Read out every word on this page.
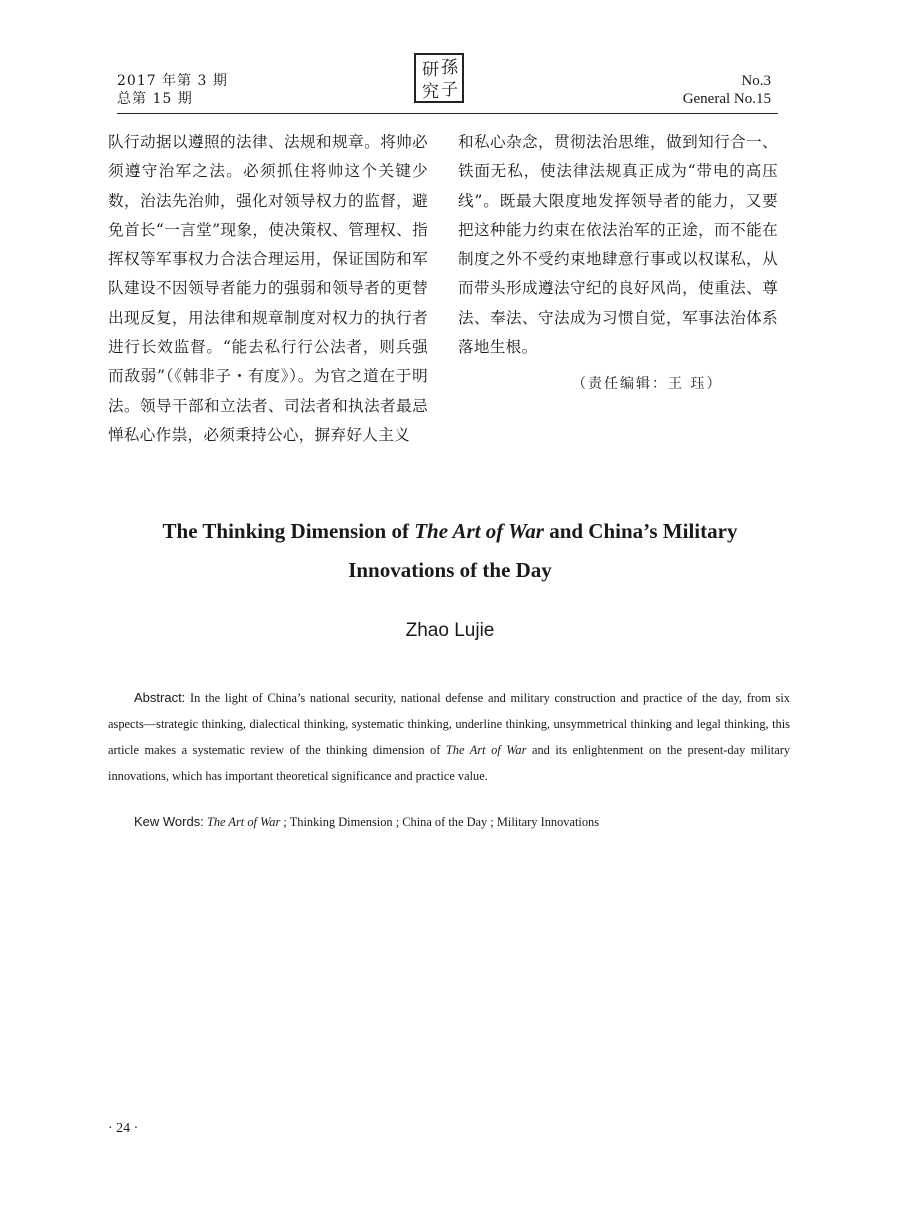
2017 年第 3 期
总第 15 期
研
究
孫
子	No.3
General No.15

队行动据以遵照的法律、法规和规章。将帅必须遵守治军之法。必须抓住将帅这个关键少数，治法先治帅，强化对领导权力的监督，避免首长“一言堂”现象，使决策权、管理权、指挥权等军事权力合法合理运用，保证国防和军队建设不因领导者能力的强弱和领导者的更替出现反复，用法律和规章制度对权力的执行者进行长效监督。“能去私行行公法者，则兵强而敌弱”（《韩非子・有度》）。为官之道在于明法。领导干部和立法者、司法者和执法者最忌惮私心作祟，必须秉持公心，摒弃好人主义

和私心杂念，贯彻法治思维，做到知行合一、铁面无私，使法律法规真正成为“带电的高压线”。既最大限度地发挥领导者的能力，又要把这种能力约束在依法治军的正途，而不能在制度之外不受约束地肆意行事或以权谋私，从而带头形成遵法守纪的良好风尚，使重法、尊法、奉法、守法成为习惯自觉，军事法治体系落地生根。

（责任编辑：王 珏）
The Thinking Dimension of The Art of War and China’s Military
Innovations of the Day
Zhao Lujie
Abstract: In the light of China’s national security, national defense and military construction and practice of the day, from six aspects—strategic thinking, dialectical thinking, systematic thinking, underline thinking, unsymmetrical thinking and legal thinking, this article makes a systematic review of the thinking dimension of The Art of War and its enlightenment on the present-day military innovations, which has important theoretical significance and practice value.
Kew Words: The Art of War ; Thinking Dimension ; China of the Day ; Military Innovations
· 24 ·
